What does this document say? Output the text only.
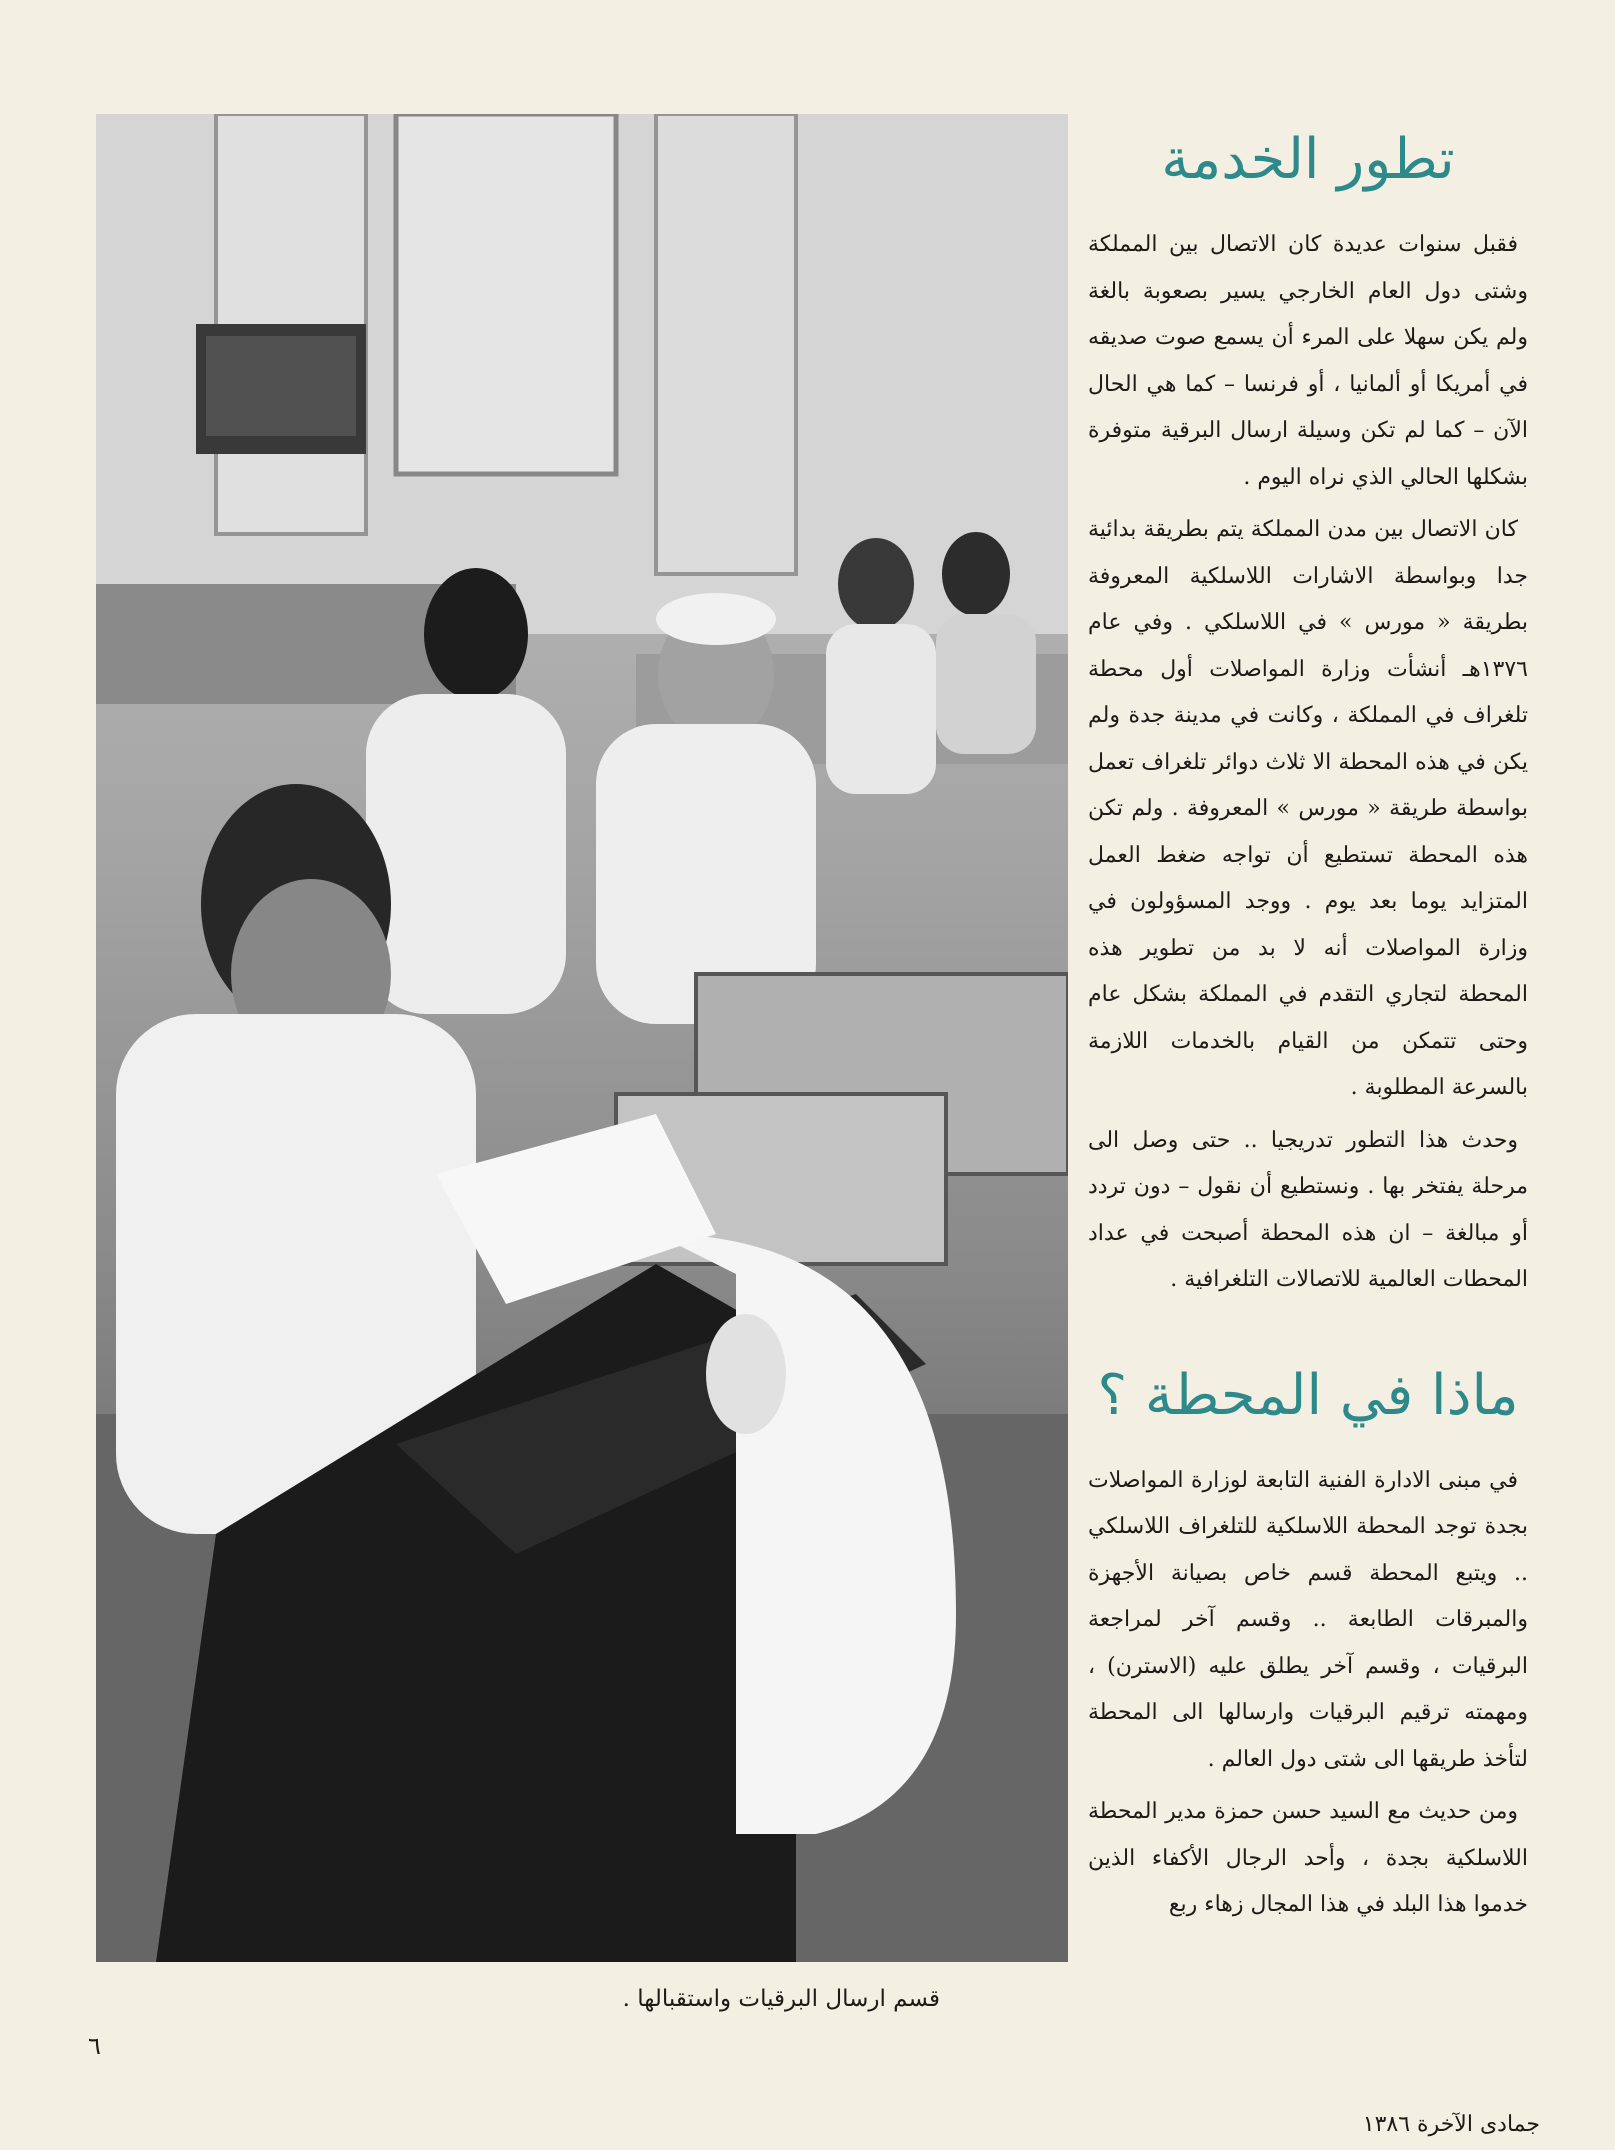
قسم ارسال البرقيات واستقبالها .
تطور الخدمة

فقبل سنوات عديدة كان الاتصال بين المملكة وشتى دول العام الخارجي يسير بصعوبة بالغة ولم يكن سهلا على المرء أن يسمع صوت صديقه في أمريكا أو ألمانيا ، أو فرنسا – كما هي الحال الآن – كما لم تكن وسيلة ارسال البرقية متوفرة بشكلها الحالي الذي نراه اليوم .

كان الاتصال بين مدن المملكة يتم بطريقة بدائية جدا وبواسطة الاشارات اللاسلكية المعروفة بطريقة « مورس » في اللاسلكي . وفي عام ١٣٧٦هـ أنشأت وزارة المواصلات أول محطة تلغراف في المملكة ، وكانت في مدينة جدة ولم يكن في هذه المحطة الا ثلاث دوائر تلغراف تعمل بواسطة طريقة « مورس » المعروفة . ولم تكن هذه المحطة تستطيع أن تواجه ضغط العمل المتزايد يوما بعد يوم . ووجد المسؤولون في وزارة المواصلات أنه لا بد من تطوير هذه المحطة لتجاري التقدم في المملكة بشكل عام وحتى تتمكن من القيام بالخدمات اللازمة بالسرعة المطلوبة .

وحدث هذا التطور تدريجيا .. حتى وصل الى مرحلة يفتخر بها . ونستطيع أن نقول – دون تردد أو مبالغة – ان هذه المحطة أصبحت في عداد المحطات العالمية للاتصالات التلغرافية .

ماذا في المحطة ؟

في مبنى الادارة الفنية التابعة لوزارة المواصلات بجدة توجد المحطة اللاسلكية للتلغراف اللاسلكي .. ويتبع المحطة قسم خاص بصيانة الأجهزة والمبرقات الطابعة .. وقسم آخر لمراجعة البرقيات ، وقسم آخر يطلق عليه (الاسترن) ، ومهمته ترقيم البرقيات وارسالها الى المحطة لتأخذ طريقها الى شتى دول العالم .

ومن حديث مع السيد حسن حمزة مدير المحطة اللاسلكية بجدة ، وأحد الرجال الأكفاء الذين خدموا هذا البلد في هذا المجال زهاء ربع

٦
جمادى الآخرة ١٣٨٦
